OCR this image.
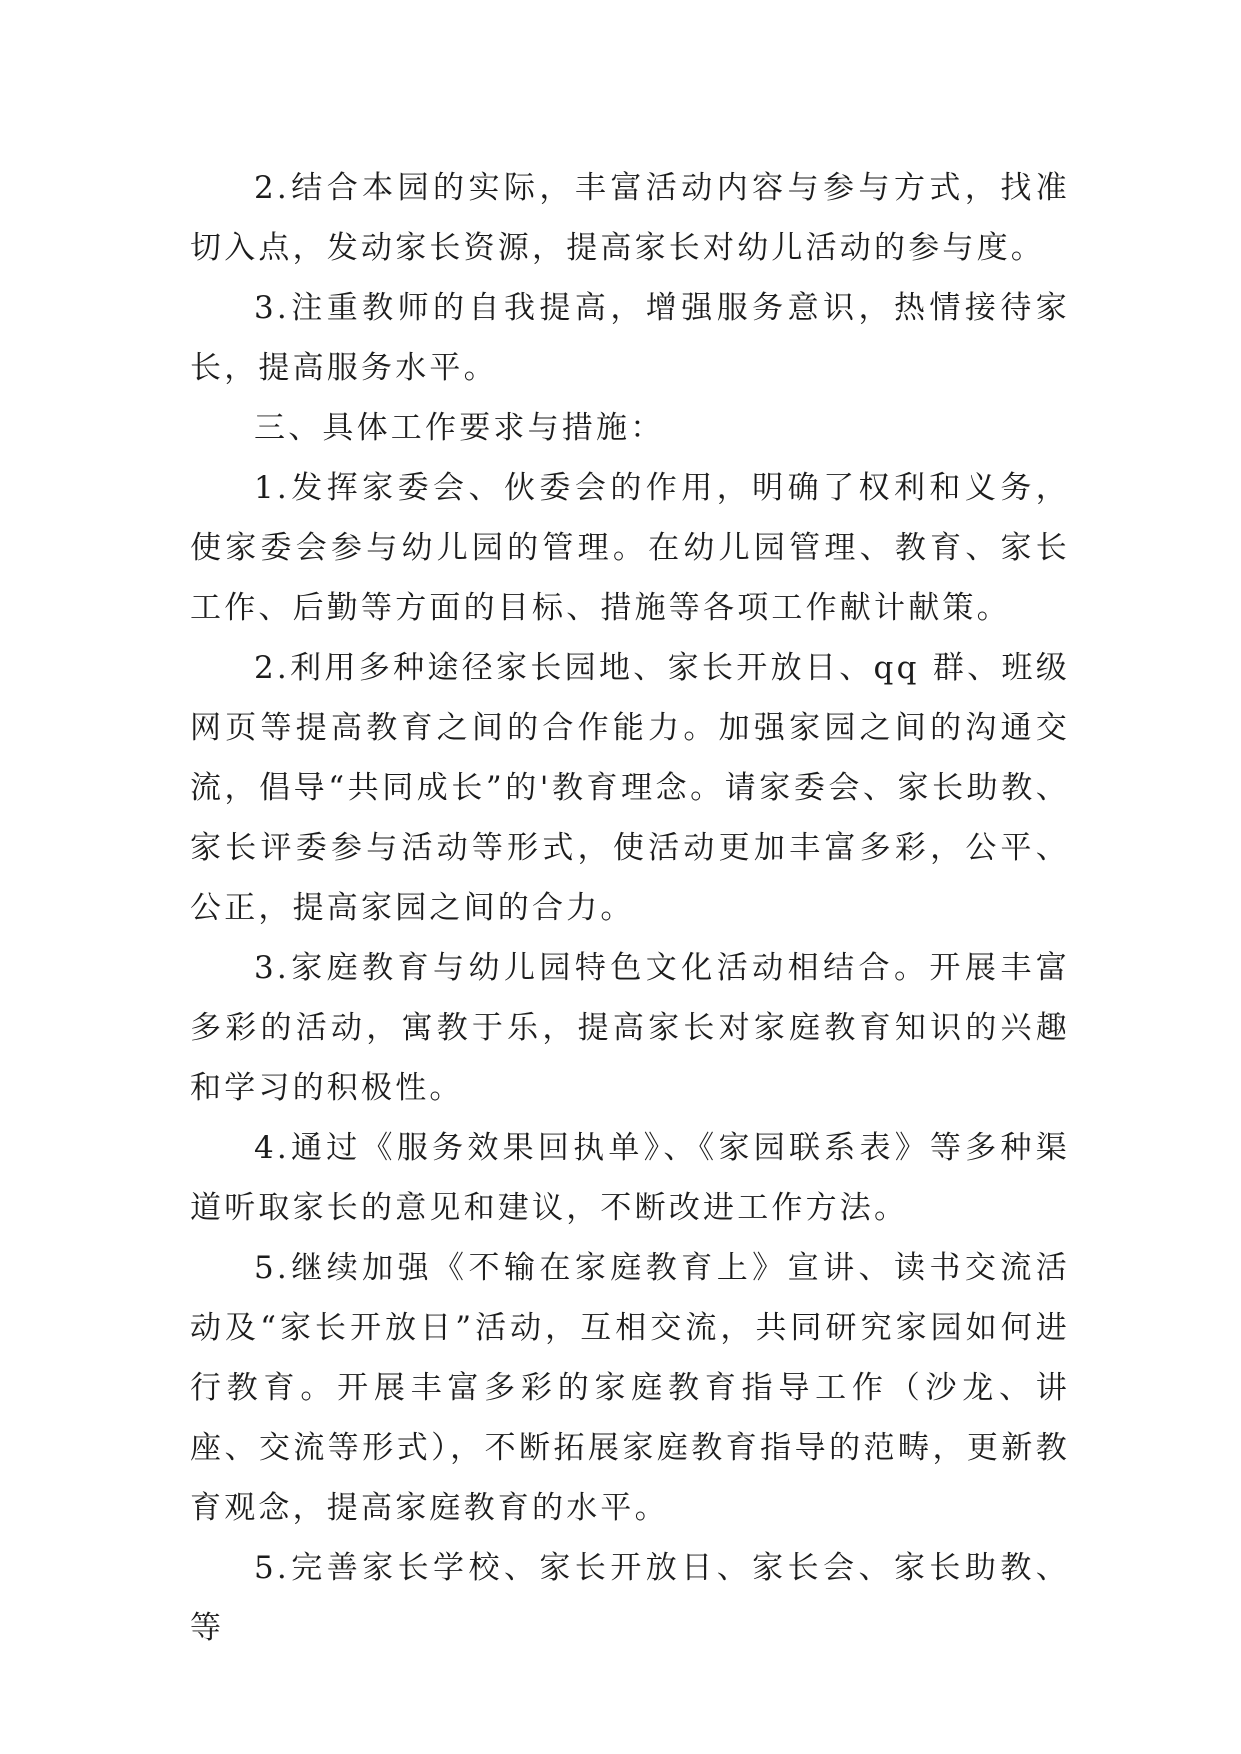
2.结合本园的实际，丰富活动内容与参与方式，找准切入点，发动家长资源，提高家长对幼儿活动的参与度。

3.注重教师的自我提高，增强服务意识，热情接待家长，提高服务水平。

三、具体工作要求与措施：

1.发挥家委会、伙委会的作用，明确了权利和义务，使家委会参与幼儿园的管理。在幼儿园管理、教育、家长工作、后勤等方面的目标、措施等各项工作献计献策。

2.利用多种途径家长园地、家长开放日、qq 群、班级网页等提高教育之间的合作能力。加强家园之间的沟通交流，倡导“共同成长”的'教育理念。请家委会、家长助教、家长评委参与活动等形式，使活动更加丰富多彩，公平、公正，提高家园之间的合力。

3.家庭教育与幼儿园特色文化活动相结合。开展丰富多彩的活动，寓教于乐，提高家长对家庭教育知识的兴趣和学习的积极性。

4.通过《服务效果回执单》、《家园联系表》等多种渠道听取家长的意见和建议，不断改进工作方法。

5.继续加强《不输在家庭教育上》宣讲、读书交流活动及“家长开放日”活动，互相交流，共同研究家园如何进行教育。开展丰富多彩的家庭教育指导工作（沙龙、讲座、交流等形式），不断拓展家庭教育指导的范畴，更新教育观念，提高家庭教育的水平。

5.完善家长学校、家长开放日、家长会、家长助教、等
